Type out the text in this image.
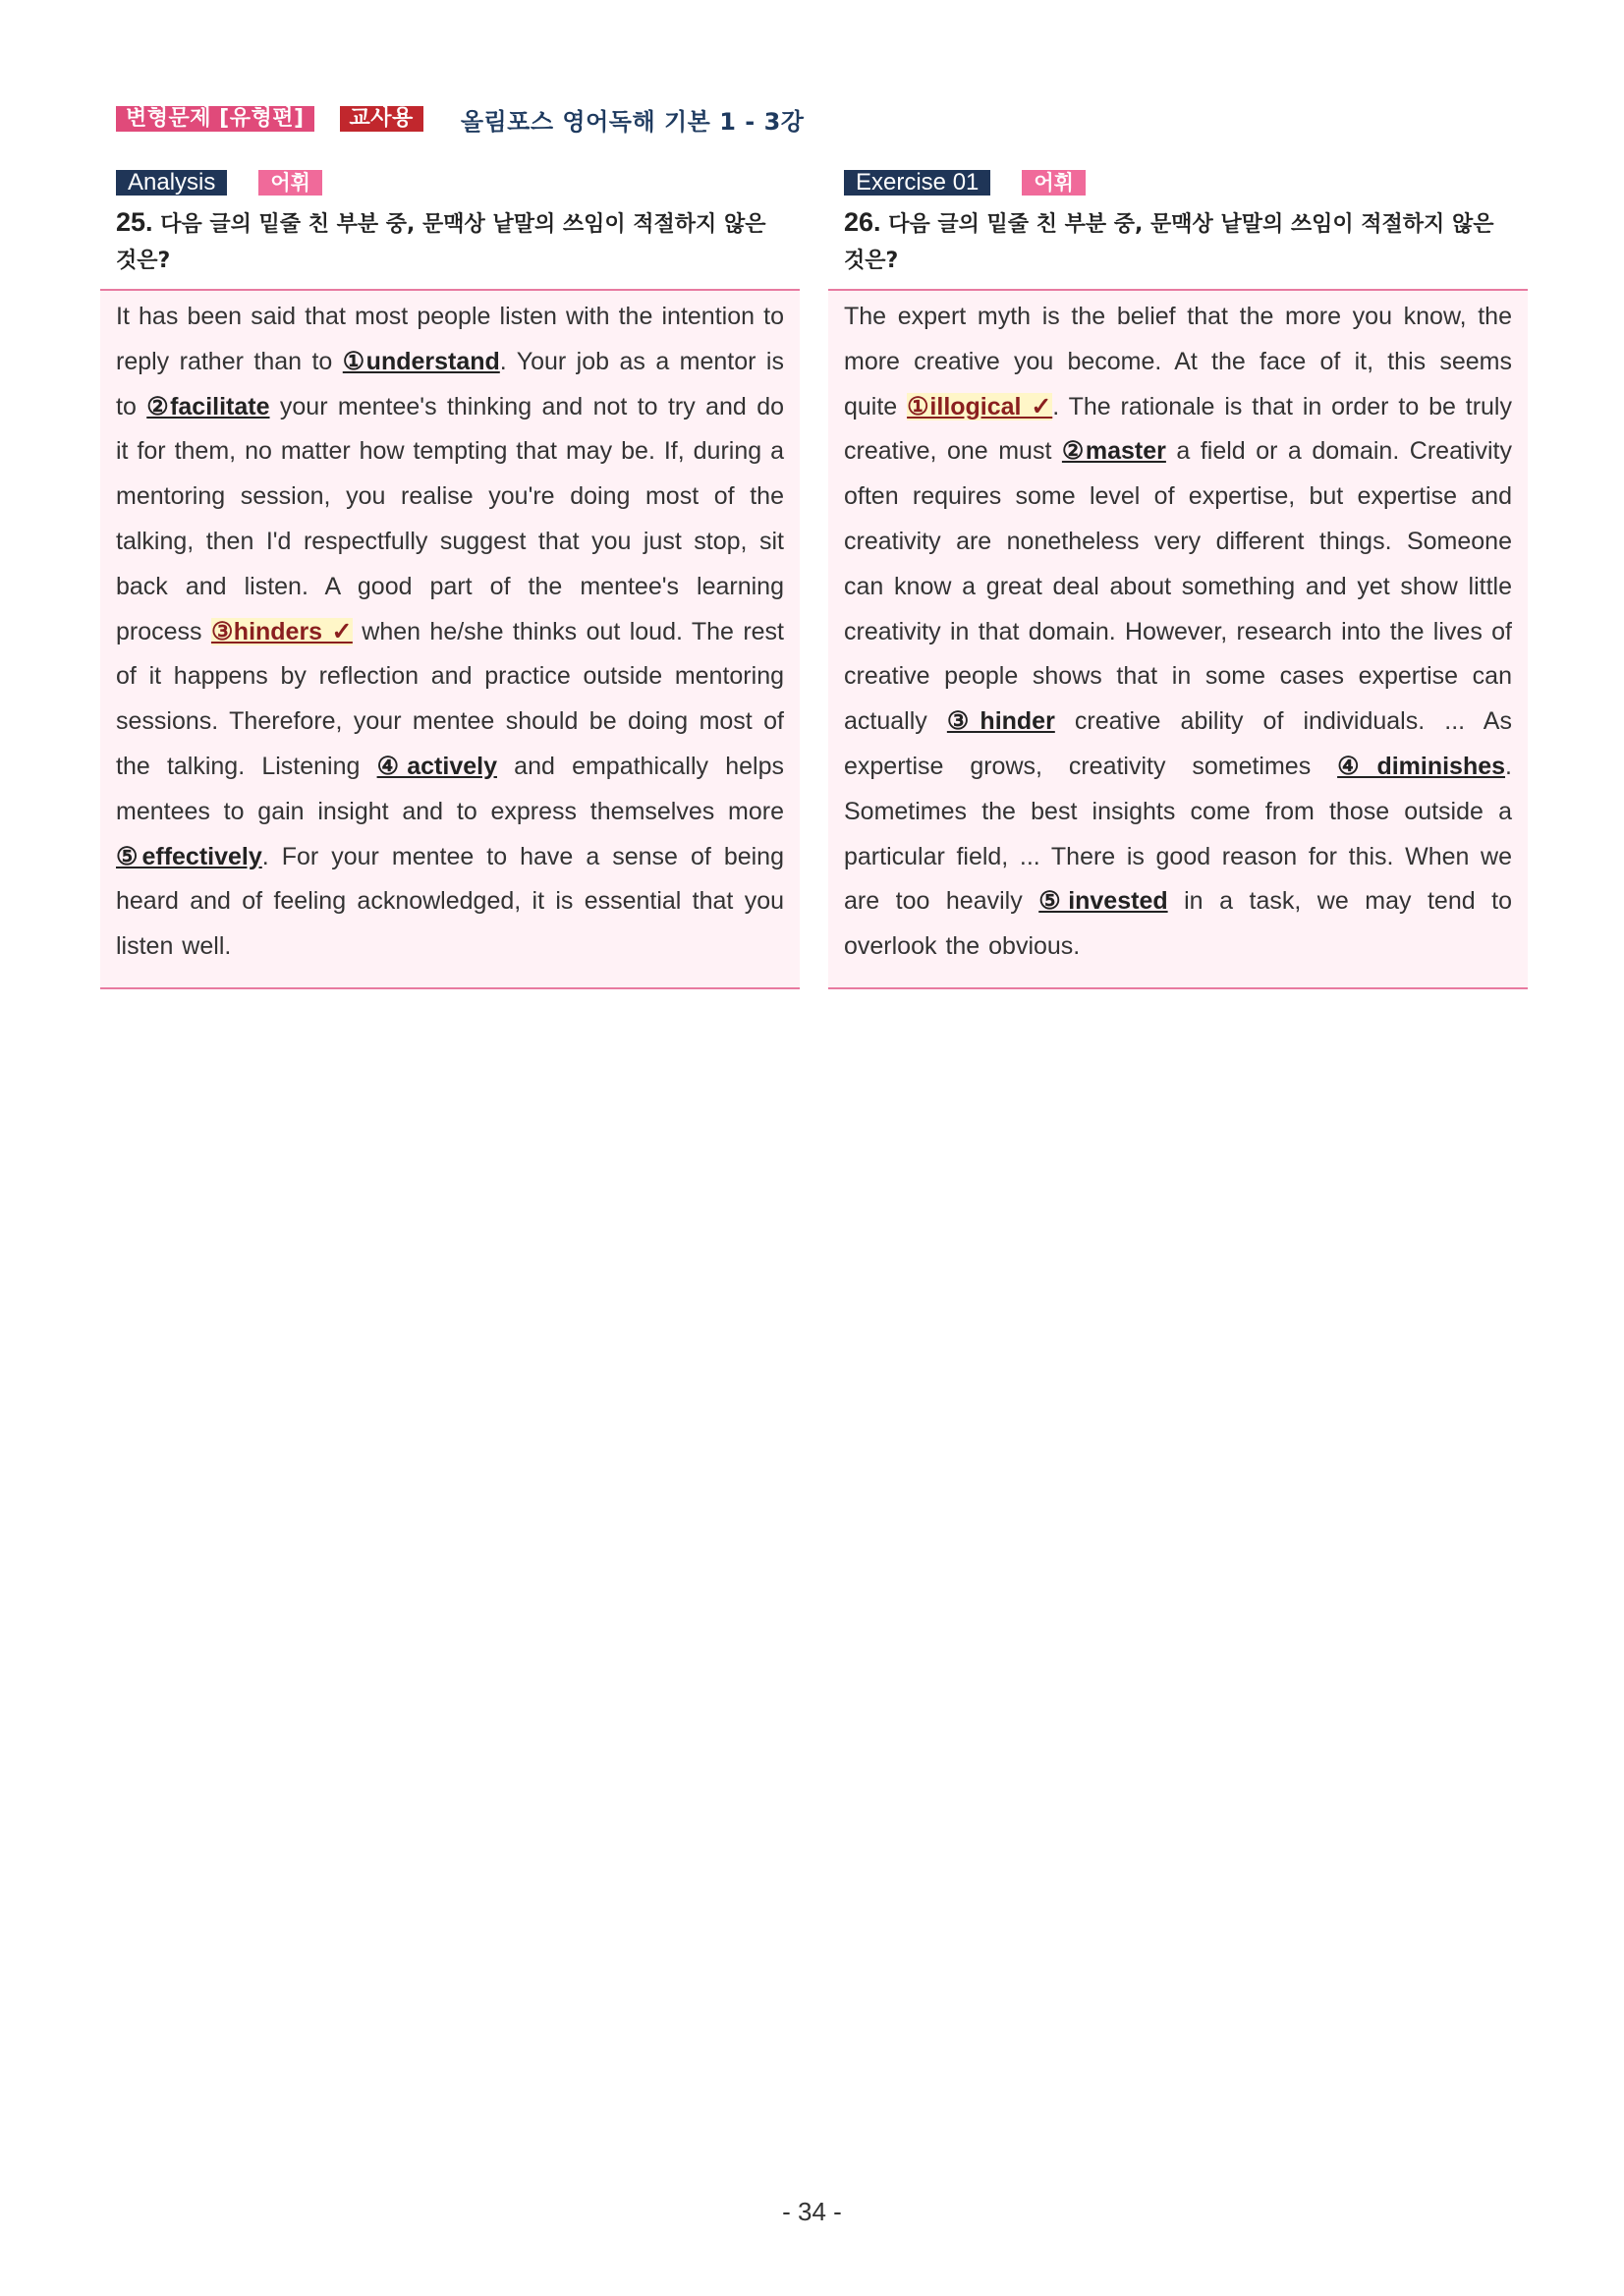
변형문제 [유형편]	교사용	올림포스 영어독해 기본 1 - 3강
Analysis	어휘
25. 다음 글의 밑줄 친 부분 중, 문맥상 낱말의 쓰임이 적절하지 않은 것은?
It has been said that most people listen with the intention to reply rather than to ①understand. Your job as a mentor is to ②facilitate your mentee's thinking and not to try and do it for them, no matter how tempting that may be. If, during a mentoring session, you realise you're doing most of the talking, then I'd respectfully suggest that you just stop, sit back and listen. A good part of the mentee's learning process ③hinders ✓ when he/she thinks out loud. The rest of it happens by reflection and practice outside mentoring sessions. Therefore, your mentee should be doing most of the talking. Listening ④actively and empathically helps mentees to gain insight and to express themselves more ⑤effectively. For your mentee to have a sense of being heard and of feeling acknowledged, it is essential that you listen well.
Exercise 01	어휘
26. 다음 글의 밑줄 친 부분 중, 문맥상 낱말의 쓰임이 적절하지 않은 것은?
The expert myth is the belief that the more you know, the more creative you become. At the face of it, this seems quite ①illogical ✓. The rationale is that in order to be truly creative, one must ②master a field or a domain. Creativity often requires some level of expertise, but expertise and creativity are nonetheless very different things. Someone can know a great deal about something and yet show little creativity in that domain. However, research into the lives of creative people shows that in some cases expertise can actually ③hinder creative ability of individuals. ... As expertise grows, creativity sometimes ④diminishes. Sometimes the best insights come from those outside a particular field, ... There is good reason for this. When we are too heavily ⑤invested in a task, we may tend to overlook the obvious.
- 34 -
